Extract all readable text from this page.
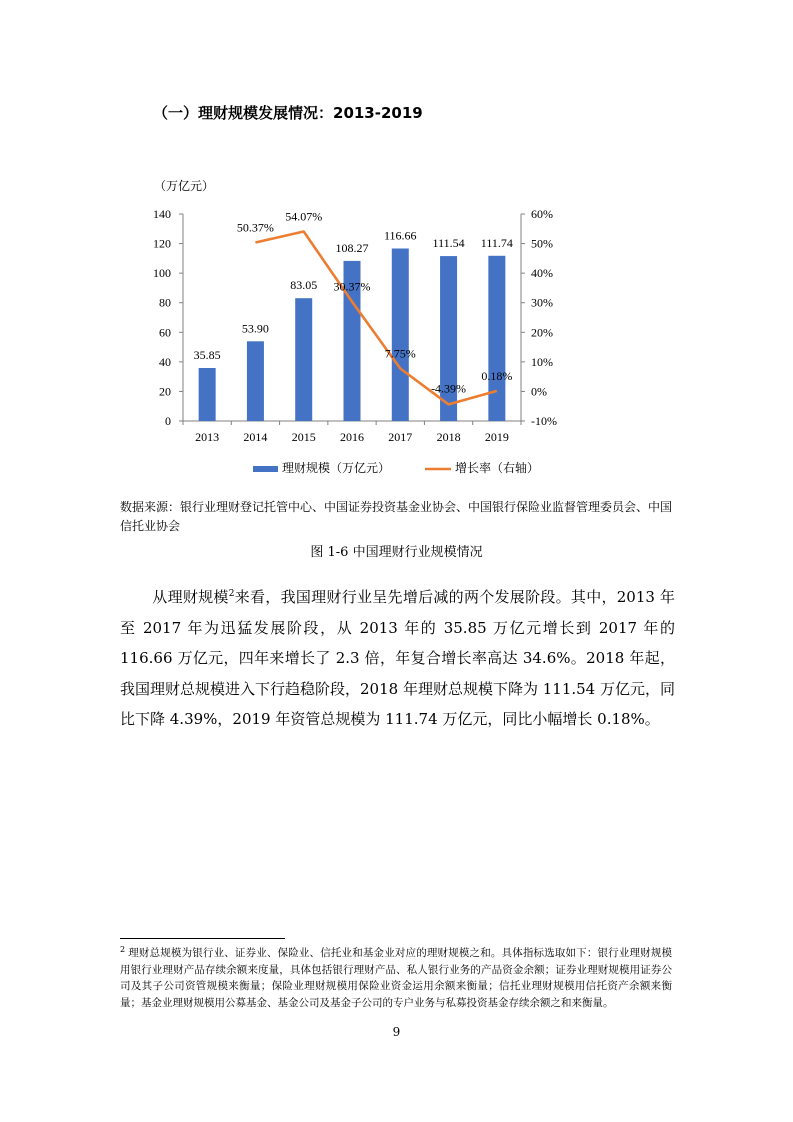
（一）理财规模发展情况：2013-2019
（万亿元）
0
20
40
60
80
100
120
140
-10%
0%
10%
20%
30%
40%
50%
60%
2013 2014 2015 2016 2017 2018 2019
35.85
53.90
83.05
108.27
116.66
111.54 111.74
50.37%
54.07%
30.37%
7.75%
-4.39%
0.18%
理财规模（万亿元）	增长率（右轴）
数据来源：银行业理财登记托管中心、中国证券投资基金业协会、中国银行保险业监督管理委员会、中国信托业协会
图 1-6 中国理财行业规模情况
从理财规模$^2$来看，我国理财行业呈先增后减的两个发展阶段。其中，2013 年至 2017 年为迅猛发展阶段，从 2013 年的 35.85 万亿元增长到 2017 年的 116.66 万亿元，四年来增长了 2.3 倍，年复合增长率高达 34.6%。2018 年起，我国理财总规模进入下行趋稳阶段，2018 年理财总规模下降为 111.54 万亿元，同比下降 4.39%，2019 年资管总规模为 111.74 万亿元，同比小幅增长 0.18%。
$^2$ 理财总规模为银行业、证券业、保险业、信托业和基金业对应的理财规模之和。具体指标选取如下：银行业理财规模用银行业理财产品存续余额来度量，具体包括银行理财产品、私人银行业务的产品资金余额；证券业理财规模用证券公司及其子公司资管规模来衡量；保险业理财规模用保险业资金运用余额来衡量；信托业理财规模用信托资产余额来衡量；基金业理财规模用公募基金、基金公司及基金子公司的专户业务与私募投资基金存续余额之和来衡量。
9
